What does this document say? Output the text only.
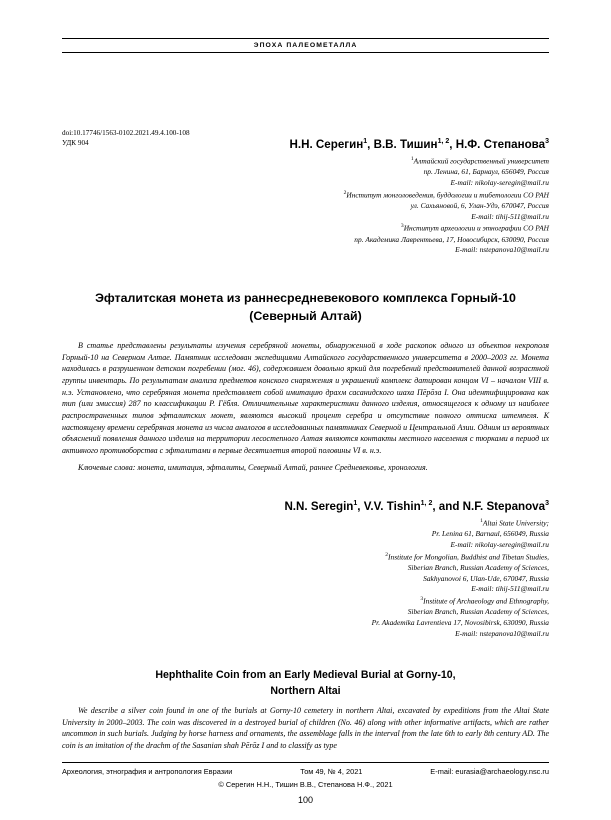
ЭПОХА ПАЛЕОМЕТАЛЛА
doi:10.17746/1563-0102.2021.49.4.100-108
УДК 904	Н.Н. Серегин$^1$, В.В. Тишин$^{1, 2}$, Н.Ф. Степанова$^3$
$^1$Алтайский государственный университет
пр. Ленина, 61, Барнаул, 656049, Россия
E-mail: nikolay-seregin@mail.ru
$^2$Институт монголоведения, буддологии и тибетологии СО РАН
ул. Сахьяновой, 6, Улан-Удэ, 670047, Россия
E-mail: tihij-511@mail.ru
$^3$Институт археологии и этнографии СО РАН
пр. Академика Лаврентьева, 17, Новосибирск, 630090, Россия
E-mail: nstepanova10@mail.ru
Эфталитская монета из раннесредневекового комплекса Горный-10
(Северный Алтай)
В статье представлены результаты изучения серебряной монеты, обнаруженной в ходе раскопок одного из объектов некрополя Горный-10 на Северном Алтае. Памятник исследован экспедициями Алтайского государственного университета в 2000–2003 гг. Монета находилась в разрушенном детском погребении (мог. 46), содержавшем довольно яркий для погребений представителей данной возрастной группы инвентарь. По результатам анализа предметов конского снаряжения и украшений комплекс датирован концом VI – началом VIII в. н.э. Установлено, что серебряная монета представляет собой имитацию драхм сасанидского шаха Пēрōза I. Она идентифицирована как тип (или эмиссия) 287 по классификации Р. Гёбля. Отличительные характеристики данного изделия, относящегося к одному из наиболее распространенных типов эфталитских монет, являются высокий процент серебра и отсутствие полного оттиска штемпеля. К настоящему времени серебряная монета из числа аналогов в исследованных памятниках Северной и Центральной Азии. Одним из вероятных объяснений появления данного изделия на территории лесостепного Алтая являются контакты местного населения с тюрками в период их активного противоборства с эфталитами в первые десятилетия второй половины VI в. н.э.
Ключевые слова: монета, имитация, эфталиты, Северный Алтай, раннее Средневековье, хронология.
N.N. Seregin$^1$, V.V. Tishin$^{1, 2}$, and N.F. Stepanova$^3$
$^1$Altai State University;
Pr. Lenina 61, Barnaul, 656049, Russia
E-mail: nikolay-seregin@mail.ru
$^2$Institute for Mongolian, Buddhist and Tibetan Studies,
Siberian Branch, Russian Academy of Sciences,
Sakhyanovoi 6, Ulan-Ude, 670047, Russia
E-mail: tihij-511@mail.ru
$^3$Institute of Archaeology and Ethnography,
Siberian Branch, Russian Academy of Sciences,
Pr. Akademika Lavrentieva 17, Novosibirsk, 630090, Russia
E-mail: nstepanova10@mail.ru
Hephthalite Coin from an Early Medieval Burial at Gorny-10,
Northern Altai
We describe a silver coin found in one of the burials at Gorny-10 cemetery in northern Altai, excavated by expeditions from the Altai State University in 2000–2003. The coin was discovered in a destroyed burial of children (No. 46) along with other informative artifacts, which are rather uncommon in such burials. Judging by horse harness and ornaments, the assemblage falls in the interval from the late 6th to early 8th century AD. The coin is an imitation of the drachm of the Sasanian shah Pērōz I and to classify as type
Археология, этнография и антропология Евразии	Том 49, № 4, 2021	E-mail: eurasia@archaeology.nsc.ru
© Серегин Н.Н., Тишин В.В., Степанова Н.Ф., 2021
100
